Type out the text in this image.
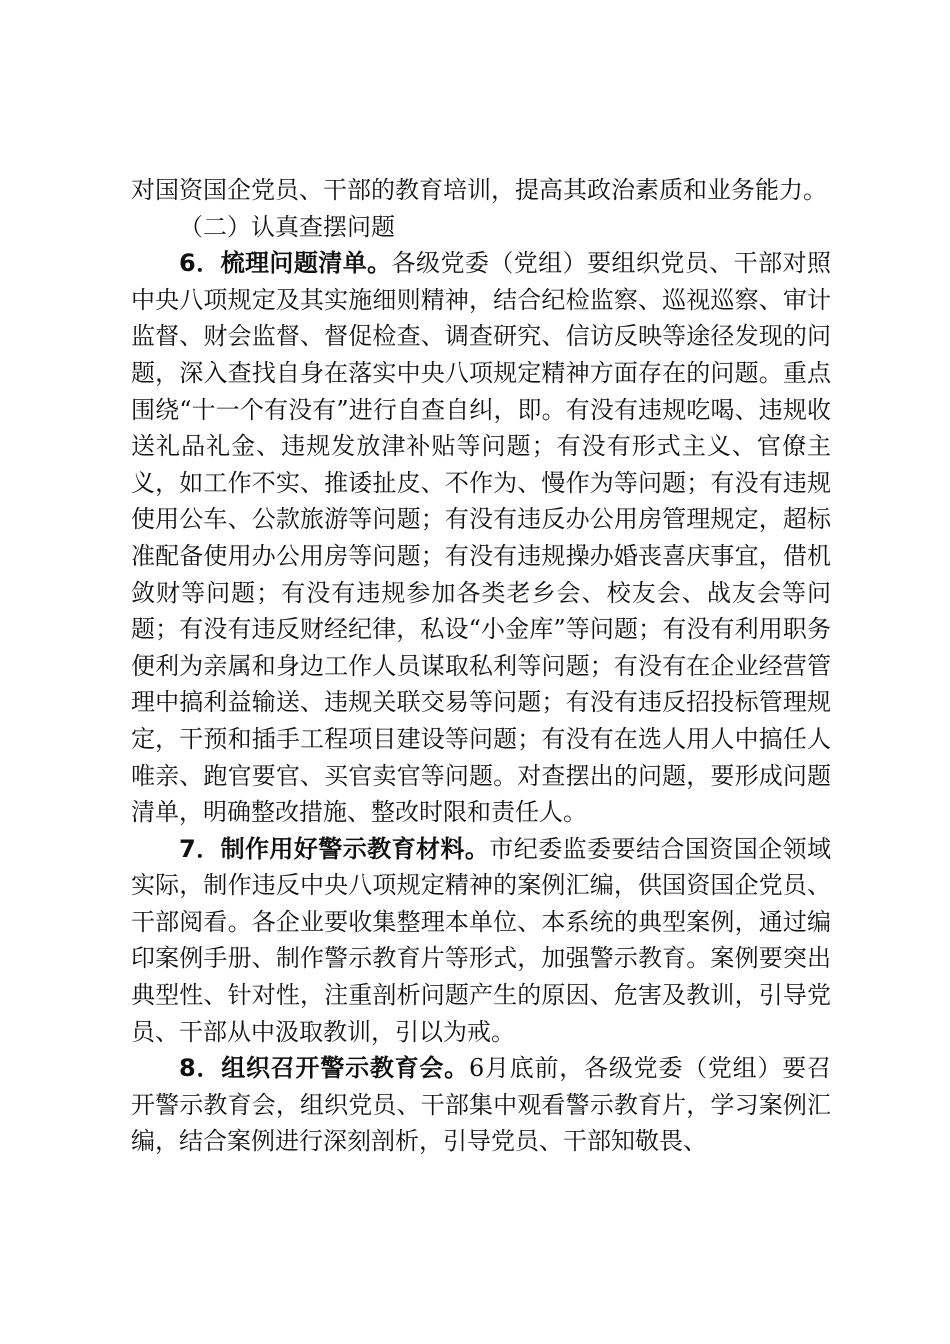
对国资国企党员、干部的教育培训，提高其政治素质和业务能力。

（二）认真查摆问题

6．梳理问题清单。各级党委（党组）要组织党员、干部对照中央八项规定及其实施细则精神，结合纪检监察、巡视巡察、审计监督、财会监督、督促检查、调查研究、信访反映等途径发现的问题，深入查找自身在落实中央八项规定精神方面存在的问题。重点围绕“十一个有没有”进行自查自纠，即。有没有违规吃喝、违规收送礼品礼金、违规发放津补贴等问题；有没有形式主义、官僚主义，如工作不实、推诿扯皮、不作为、慢作为等问题；有没有违规使用公车、公款旅游等问题；有没有违反办公用房管理规定，超标准配备使用办公用房等问题；有没有违规操办婚丧喜庆事宜，借机敛财等问题；有没有违规参加各类老乡会、校友会、战友会等问题；有没有违反财经纪律，私设“小金库”等问题；有没有利用职务便利为亲属和身边工作人员谋取私利等问题；有没有在企业经营管理中搞利益输送、违规关联交易等问题；有没有违反招投标管理规定，干预和插手工程项目建设等问题；有没有在选人用人中搞任人唯亲、跑官要官、买官卖官等问题。对查摆出的问题，要形成问题清单，明确整改措施、整改时限和责任人。

7．制作用好警示教育材料。市纪委监委要结合国资国企领域实际，制作违反中央八项规定精神的案例汇编，供国资国企党员、干部阅看。各企业要收集整理本单位、本系统的典型案例，通过编印案例手册、制作警示教育片等形式，加强警示教育。案例要突出典型性、针对性，注重剖析问题产生的原因、危害及教训，引导党员、干部从中汲取教训，引以为戒。

8．组织召开警示教育会。6月底前，各级党委（党组）要召开警示教育会，组织党员、干部集中观看警示教育片，学习案例汇编，结合案例进行深刻剖析，引导党员、干部知敬畏、
